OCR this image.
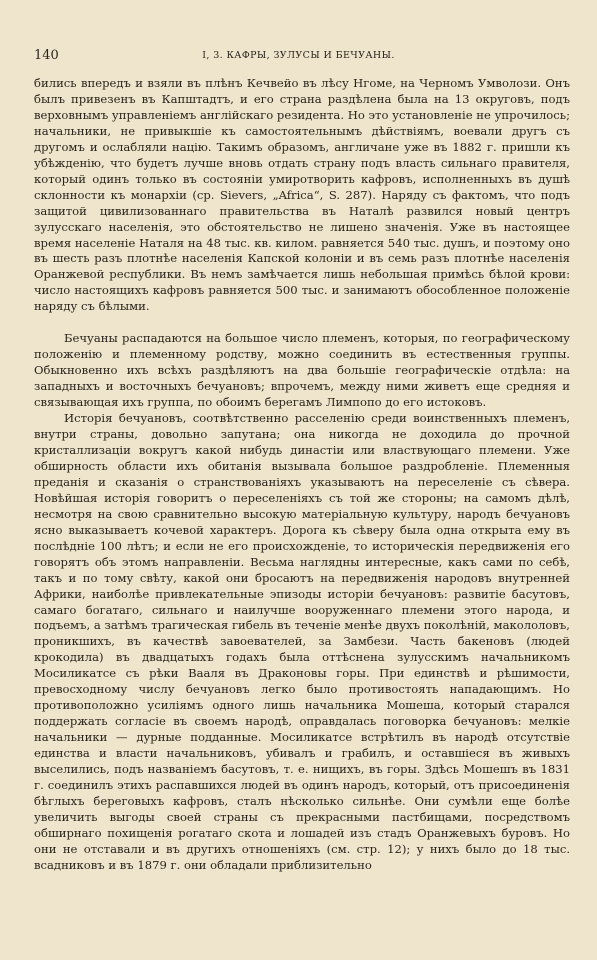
140	I, 3. КАФРЫ, ЗУЛУСЫ И БЕЧУАНЫ.

бились впередъ и взяли въ плѣнъ Кечвейо въ лѣсу Нгоме, на Черномъ Умволози. Онъ былъ привезенъ въ Капштадтъ, и его страна раздѣлена была на 13 округовъ, подъ верховнымъ управленіемъ англійскаго резидента. Но это установленіе не упрочилось; начальники, не привыкшіе къ самостоятельнымъ дѣйствіямъ, воевали другъ съ другомъ и ослабляли націю. Такимъ образомъ, англичане уже въ 1882 г. пришли къ убѣжденію, что будетъ лучше вновь отдать страну подъ власть сильнаго правителя, который одинъ только въ состояніи умиротворить кафровъ, исполненныхъ въ душѣ склонности къ монархіи (ср. Sievers, „Africa“, S. 287). Наряду съ фактомъ, что подъ защитой цивилизованнаго правительства въ Наталѣ развился новый центръ зулусскаго населенія, это обстоятельство не лишено значенія. Уже въ настоящее время населеніе Наталя на 48 тыс. кв. килом. равняется 540 тыс. душъ, и поэтому оно въ шесть разъ плотнѣе населенія Капской колоніи и въ семь разъ плотнѣе населенія Оранжевой республики. Въ немъ замѣчается лишь небольшая примѣсь бѣлой крови: число настоящихъ кафровъ равняется 500 тыс. и занимаютъ обособленное положеніе наряду съ бѣлыми.

Бечуаны распадаются на большое число племенъ, которыя, по географическому положенію и племенному родству, можно соединить въ естественныя группы. Обыкновенно ихъ всѣхъ раздѣляютъ на два большіе географическіе отдѣла: на западныхъ и восточныхъ бечуановъ; впрочемъ, между ними живетъ еще средняя и связывающая ихъ группа, по обоимъ берегамъ Лимпопо до его истоковъ.

Исторія бечуановъ, соотвѣтственно расселенію среди воинственныхъ племенъ, внутри страны, довольно запутана; она никогда не доходила до прочной кристаллизаціи вокругъ какой нибудь династіи или властвующаго племени. Уже обширность области ихъ обитанія вызывала большое раздробленіе. Племенныя преданія и сказанія о странствованіяхъ указываютъ на переселеніе съ сѣвера. Новѣйшая исторія говоритъ о переселеніяхъ съ той же стороны; на самомъ дѣлѣ, несмотря на свою сравнительно высокую матеріальную культуру, народъ бечуановъ ясно выказываетъ кочевой характеръ. Дорога къ сѣверу была одна открыта ему въ послѣдніе 100 лѣтъ; и если не его происхожденіе, то историческія передвиженія его говорятъ объ этомъ направленіи. Весьма наглядны интересные, какъ сами по себѣ, такъ и по тому свѣту, какой они бросаютъ на передвиженія народовъ внутренней Африки, наиболѣе привлекательные эпизоды исторіи бечуановъ: развитіе басутовъ, самаго богатаго, сильнаго и наилучше вооруженнаго племени этого народа, и подъемъ, а затѣмъ трагическая гибель въ теченіе менѣе двухъ поколѣній, макололовъ, проникшихъ, въ качествѣ завоевателей, за Замбези. Часть бакеновъ (людей крокодила) въ двадцатыхъ годахъ была оттѣснена зулусскимъ начальникомъ Мосиликатсе съ рѣки Вааля въ Драконовы горы. При единствѣ и рѣшимости, превосходному числу бечуановъ легко было противостоять нападающимъ. Но противоположно усиліямъ одного лишь начальника Мошеша, который старался поддержать согласіе въ своемъ народѣ, оправдалась поговорка бечуановъ: мелкіе начальники — дурные подданные. Мосиликатсе встрѣтилъ въ народѣ отсутствіе единства и власти начальниковъ, убивалъ и грабилъ, и оставшіеся въ живыхъ выселились, подъ названіемъ басутовъ, т. е. нищихъ, въ горы. Здѣсь Мошешъ въ 1831 г. соединилъ этихъ распавшихся людей въ одинъ народъ, который, отъ присоединенія бѣглыхъ береговыхъ кафровъ, сталъ нѣсколько сильнѣе. Они сумѣли еще болѣе увеличить выгоды своей страны съ прекрасными пастбищами, посредствомъ обширнаго похищенія рогатаго скота и лошадей изъ стадъ Оранжевыхъ буровъ. Но они не отставали и въ другихъ отношеніяхъ (см. стр. 12); у нихъ было до 18 тыс. всадниковъ и въ 1879 г. они обладали приблизительно
